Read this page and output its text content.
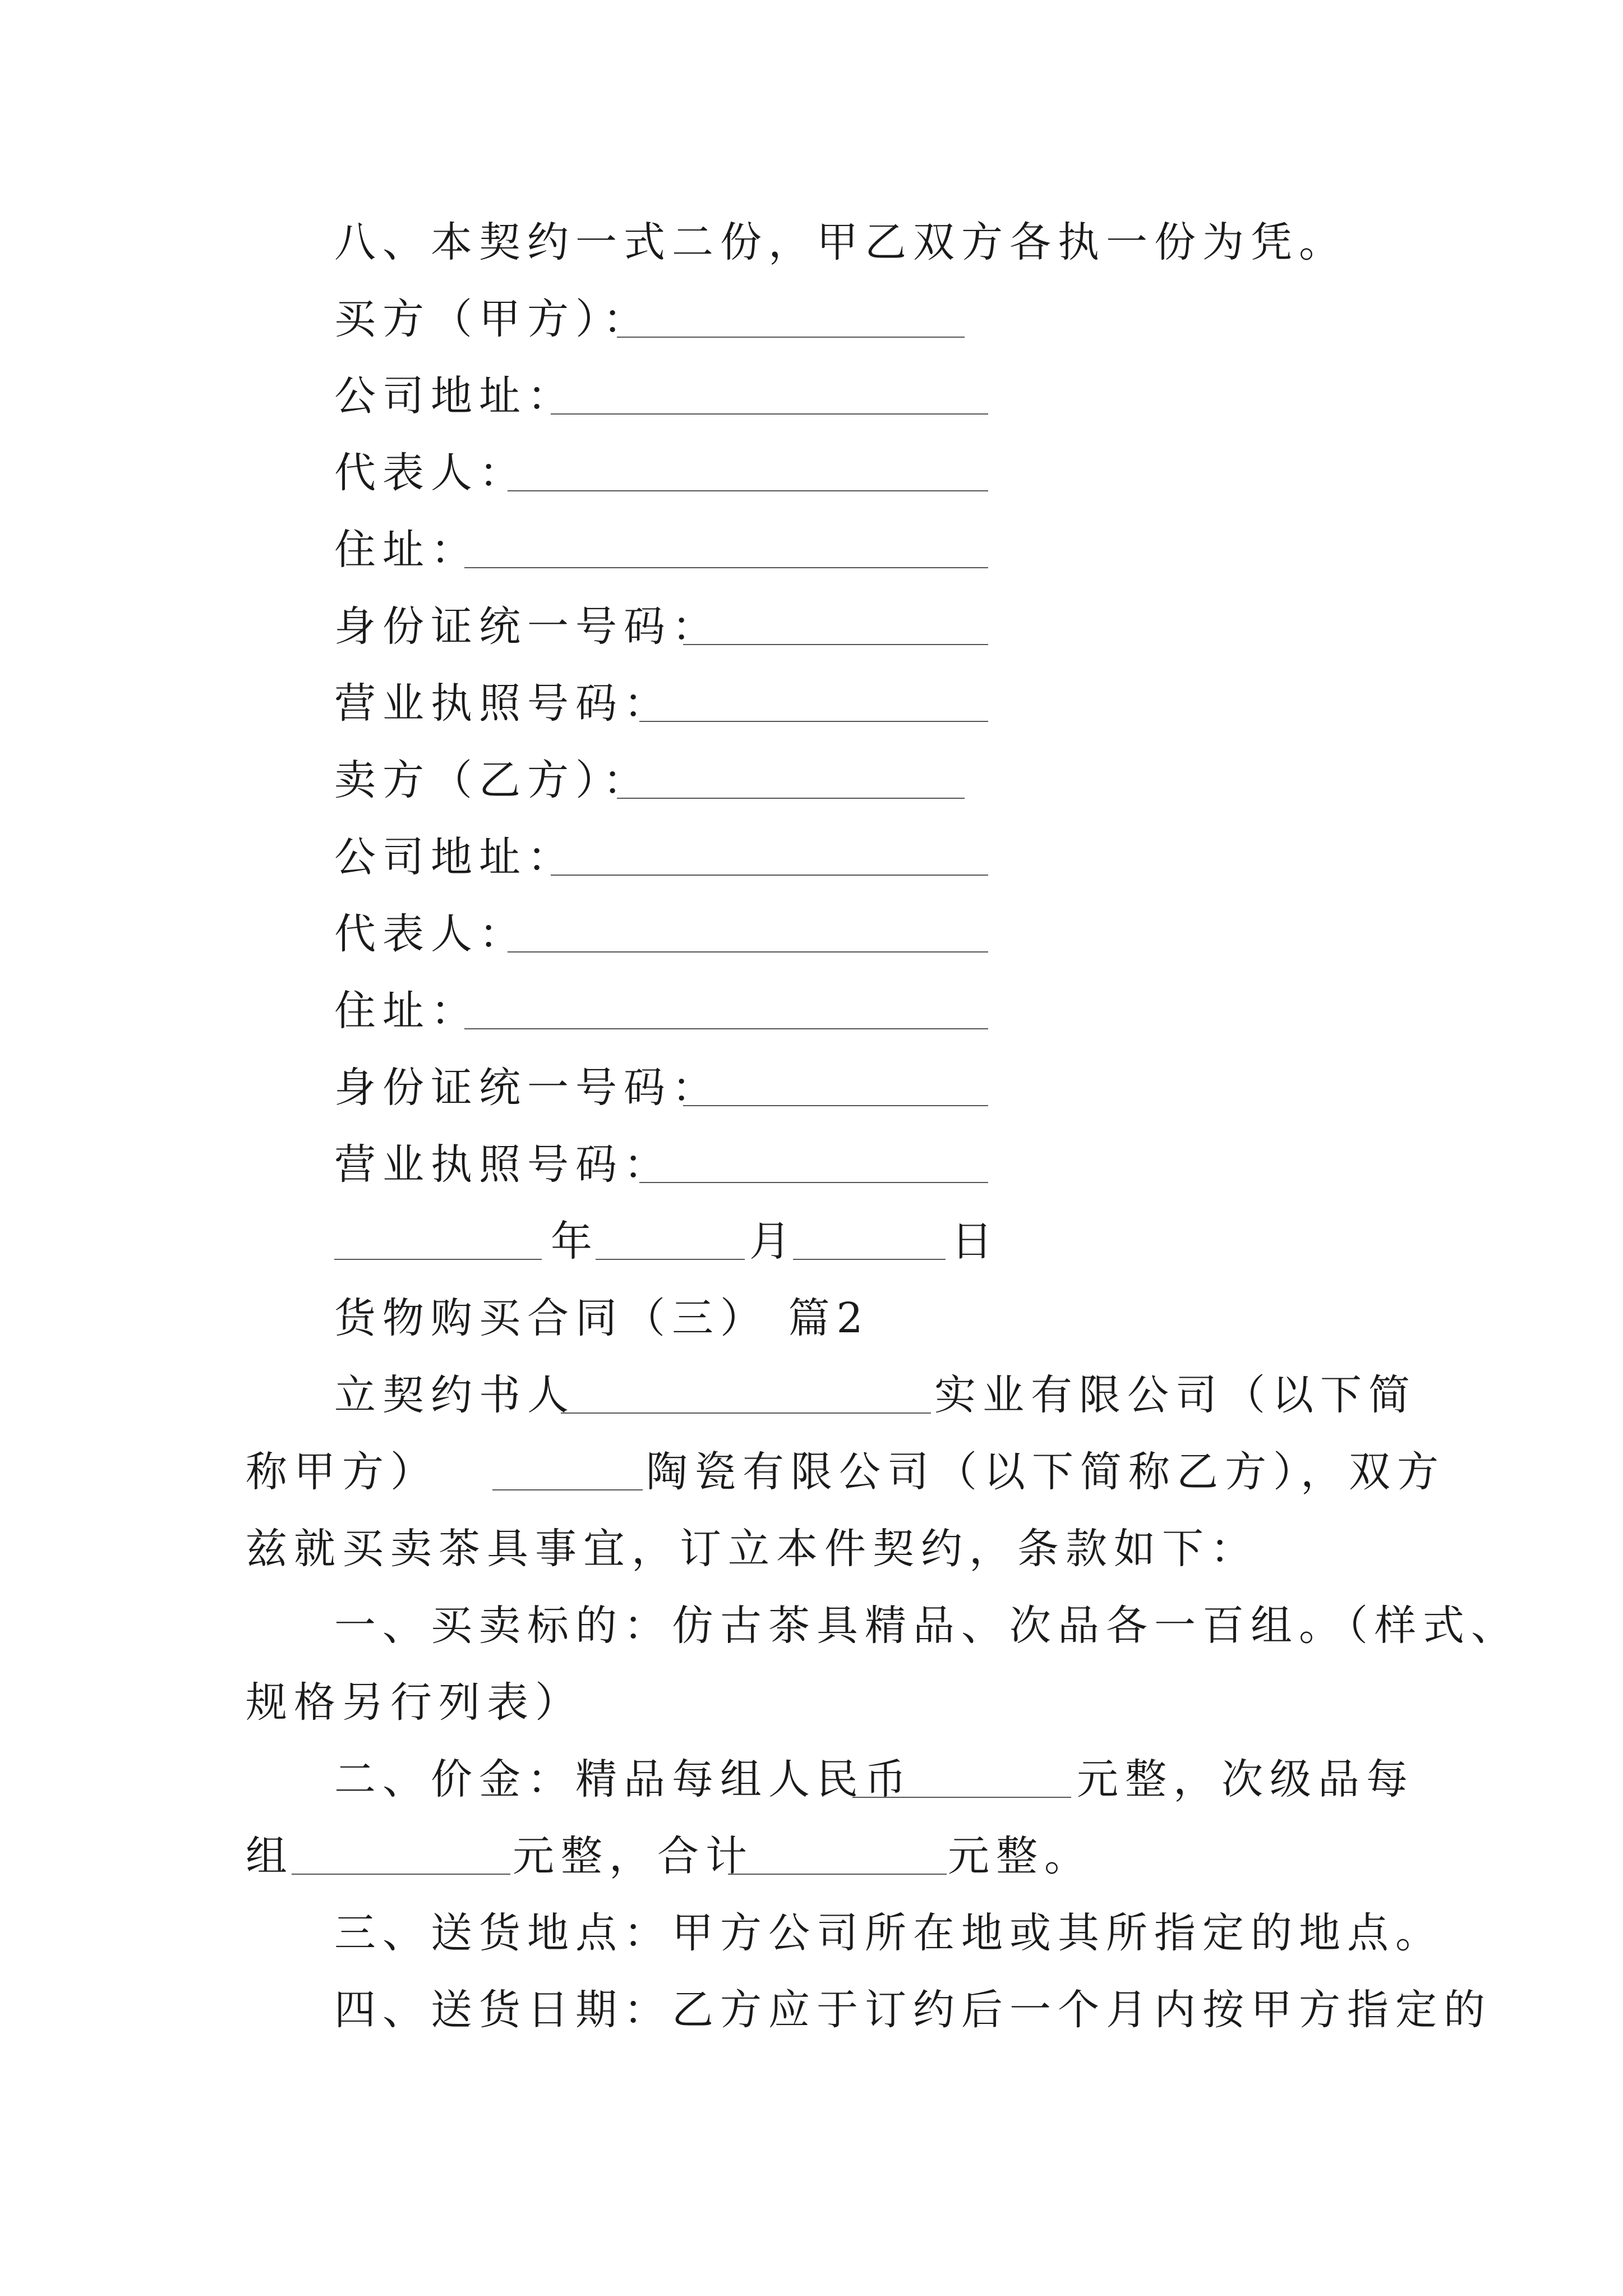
八、本契约一式二份，甲乙双方各执一份为凭。
买方（甲方）：
公司地址：
代表人：
住址：
身份证统一号码：
营业执照号码：
卖方（乙方）：
公司地址：
代表人：
住址：
身份证统一号码：
营业执照号码：
年	月	日
货物购买合同（三） 篇2
立契约书人	实业有限公司（以下简
称甲方）	陶瓷有限公司（以下简称乙方），双方
兹就买卖茶具事宜，订立本件契约，条款如下：
一、买卖标的：仿古茶具精品、次品各一百组。（样式、
规格另行列表）
二、价金：精品每组人民币	元整，次级品每
组	元整，合计	元整。
三、送货地点：甲方公司所在地或其所指定的地点。
四、送货日期：乙方应于订约后一个月内按甲方指定的
